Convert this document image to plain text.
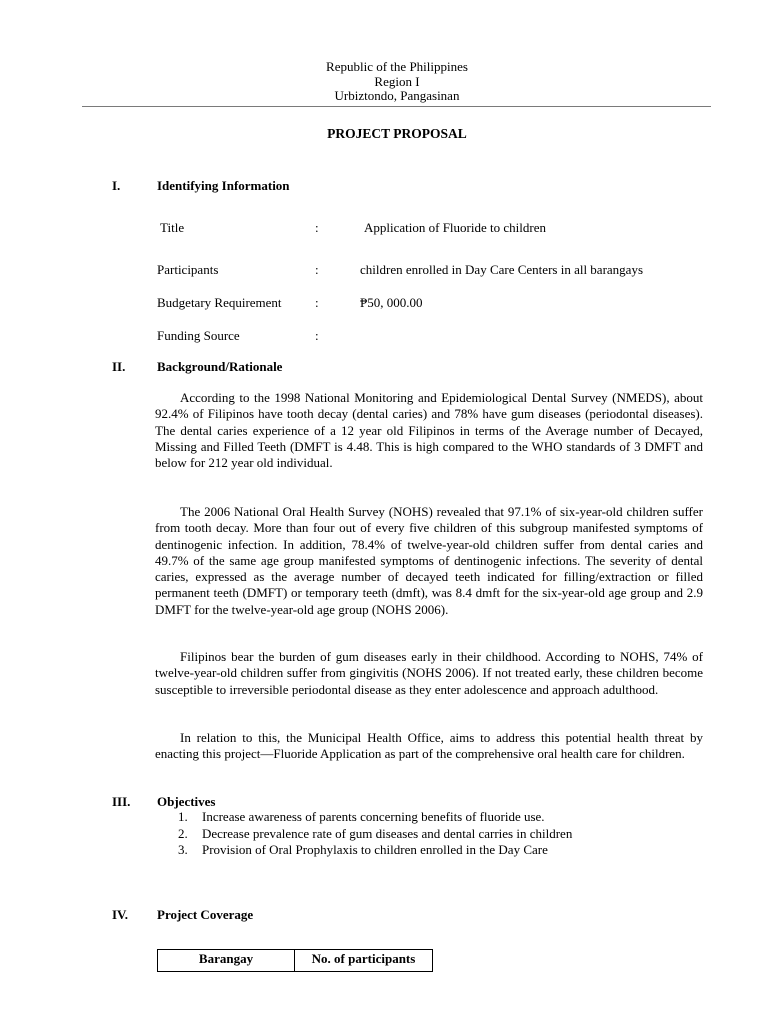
Republic of the Philippines
Region I
Urbiztondo, Pangasinan
PROJECT PROPOSAL
I.	Identifying Information
Title	:	Application of Fluoride to children
Participants	:	children enrolled in Day Care Centers in all barangays
Budgetary Requirement	:	₱50, 000.00
Funding Source	:
II. Background/Rationale

According to the 1998 National Monitoring and Epidemiological Dental Survey (NMEDS), about 92.4% of Filipinos have tooth decay (dental caries) and 78% have gum diseases (periodontal diseases). The dental caries experience of a 12 year old Filipinos in terms of the Average number of Decayed, Missing and Filled Teeth (DMFT is 4.48. This is high compared to the WHO standards of 3 DMFT and below for 212 year old individual.

The 2006 National Oral Health Survey (NOHS) revealed that 97.1% of six-year-old children suffer from tooth decay. More than four out of every five children of this subgroup manifested symptoms of dentinogenic infection. In addition, 78.4% of twelve-year-old children suffer from dental caries and 49.7% of the same age group manifested symptoms of dentinogenic infections. The severity of dental caries, expressed as the average number of decayed teeth indicated for filling/extraction or filled permanent teeth (DMFT) or temporary teeth (dmft), was 8.4 dmft for the six-year-old age group and 2.9 DMFT for the twelve-year-old age group (NOHS 2006).

Filipinos bear the burden of gum diseases early in their childhood. According to NOHS, 74% of twelve-year-old children suffer from gingivitis (NOHS 2006). If not treated early, these children become susceptible to irreversible periodontal disease as they enter adolescence and approach adulthood.

In relation to this, the Municipal Health Office, aims to address this potential health threat by enacting this project—Fluoride Application as part of the comprehensive oral health care for children.

III. Objectives
1. Increase awareness of parents concerning benefits of fluoride use.
2. Decrease prevalence rate of gum diseases and dental carries in children
3. Provision of Oral Prophylaxis to children enrolled in the Day Care
IV. Project Coverage
Barangay	No. of participants
